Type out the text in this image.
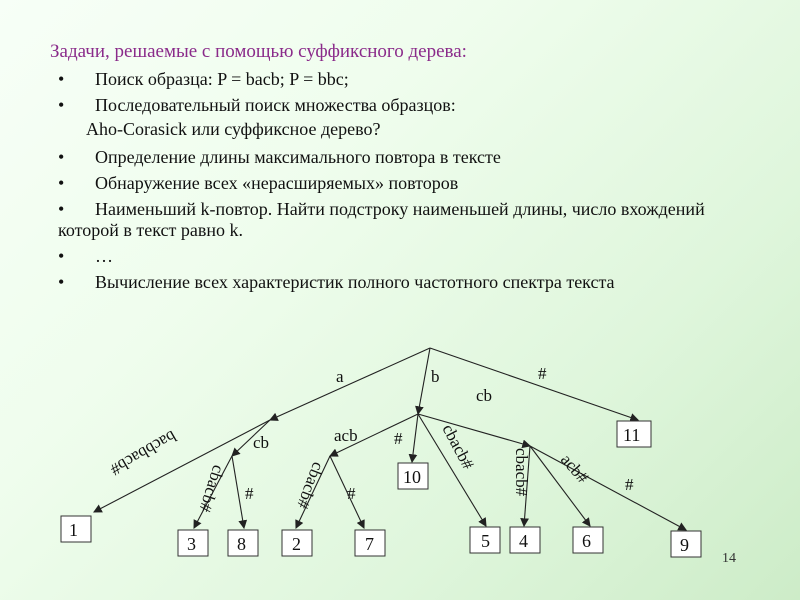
Задачи, решаемые с помощью суффиксного дерева:
•	Поиск образца: P = bacb; P = bbc;
•	Последовательный поиск множества образцов:
Aho-Corasick или суффиксное дерево?
•	Определение длины максимального повтора в тексте
•	Обнаружение всех «нерасширяемых» повторов
•	Наименьший k-повтор. Найти подстроку наименьшей длины, число вхождений которой в текст равно k.
•	…
•	Вычисление всех характеристик полного частотного спектра текста
a	b	#
cb	acb
cb
bacbbacb#
cbacb# # cbacb# #
# cbacb# cbacb# acb# #
1
3 8	2	7
10
5 4	6	9
11
14
